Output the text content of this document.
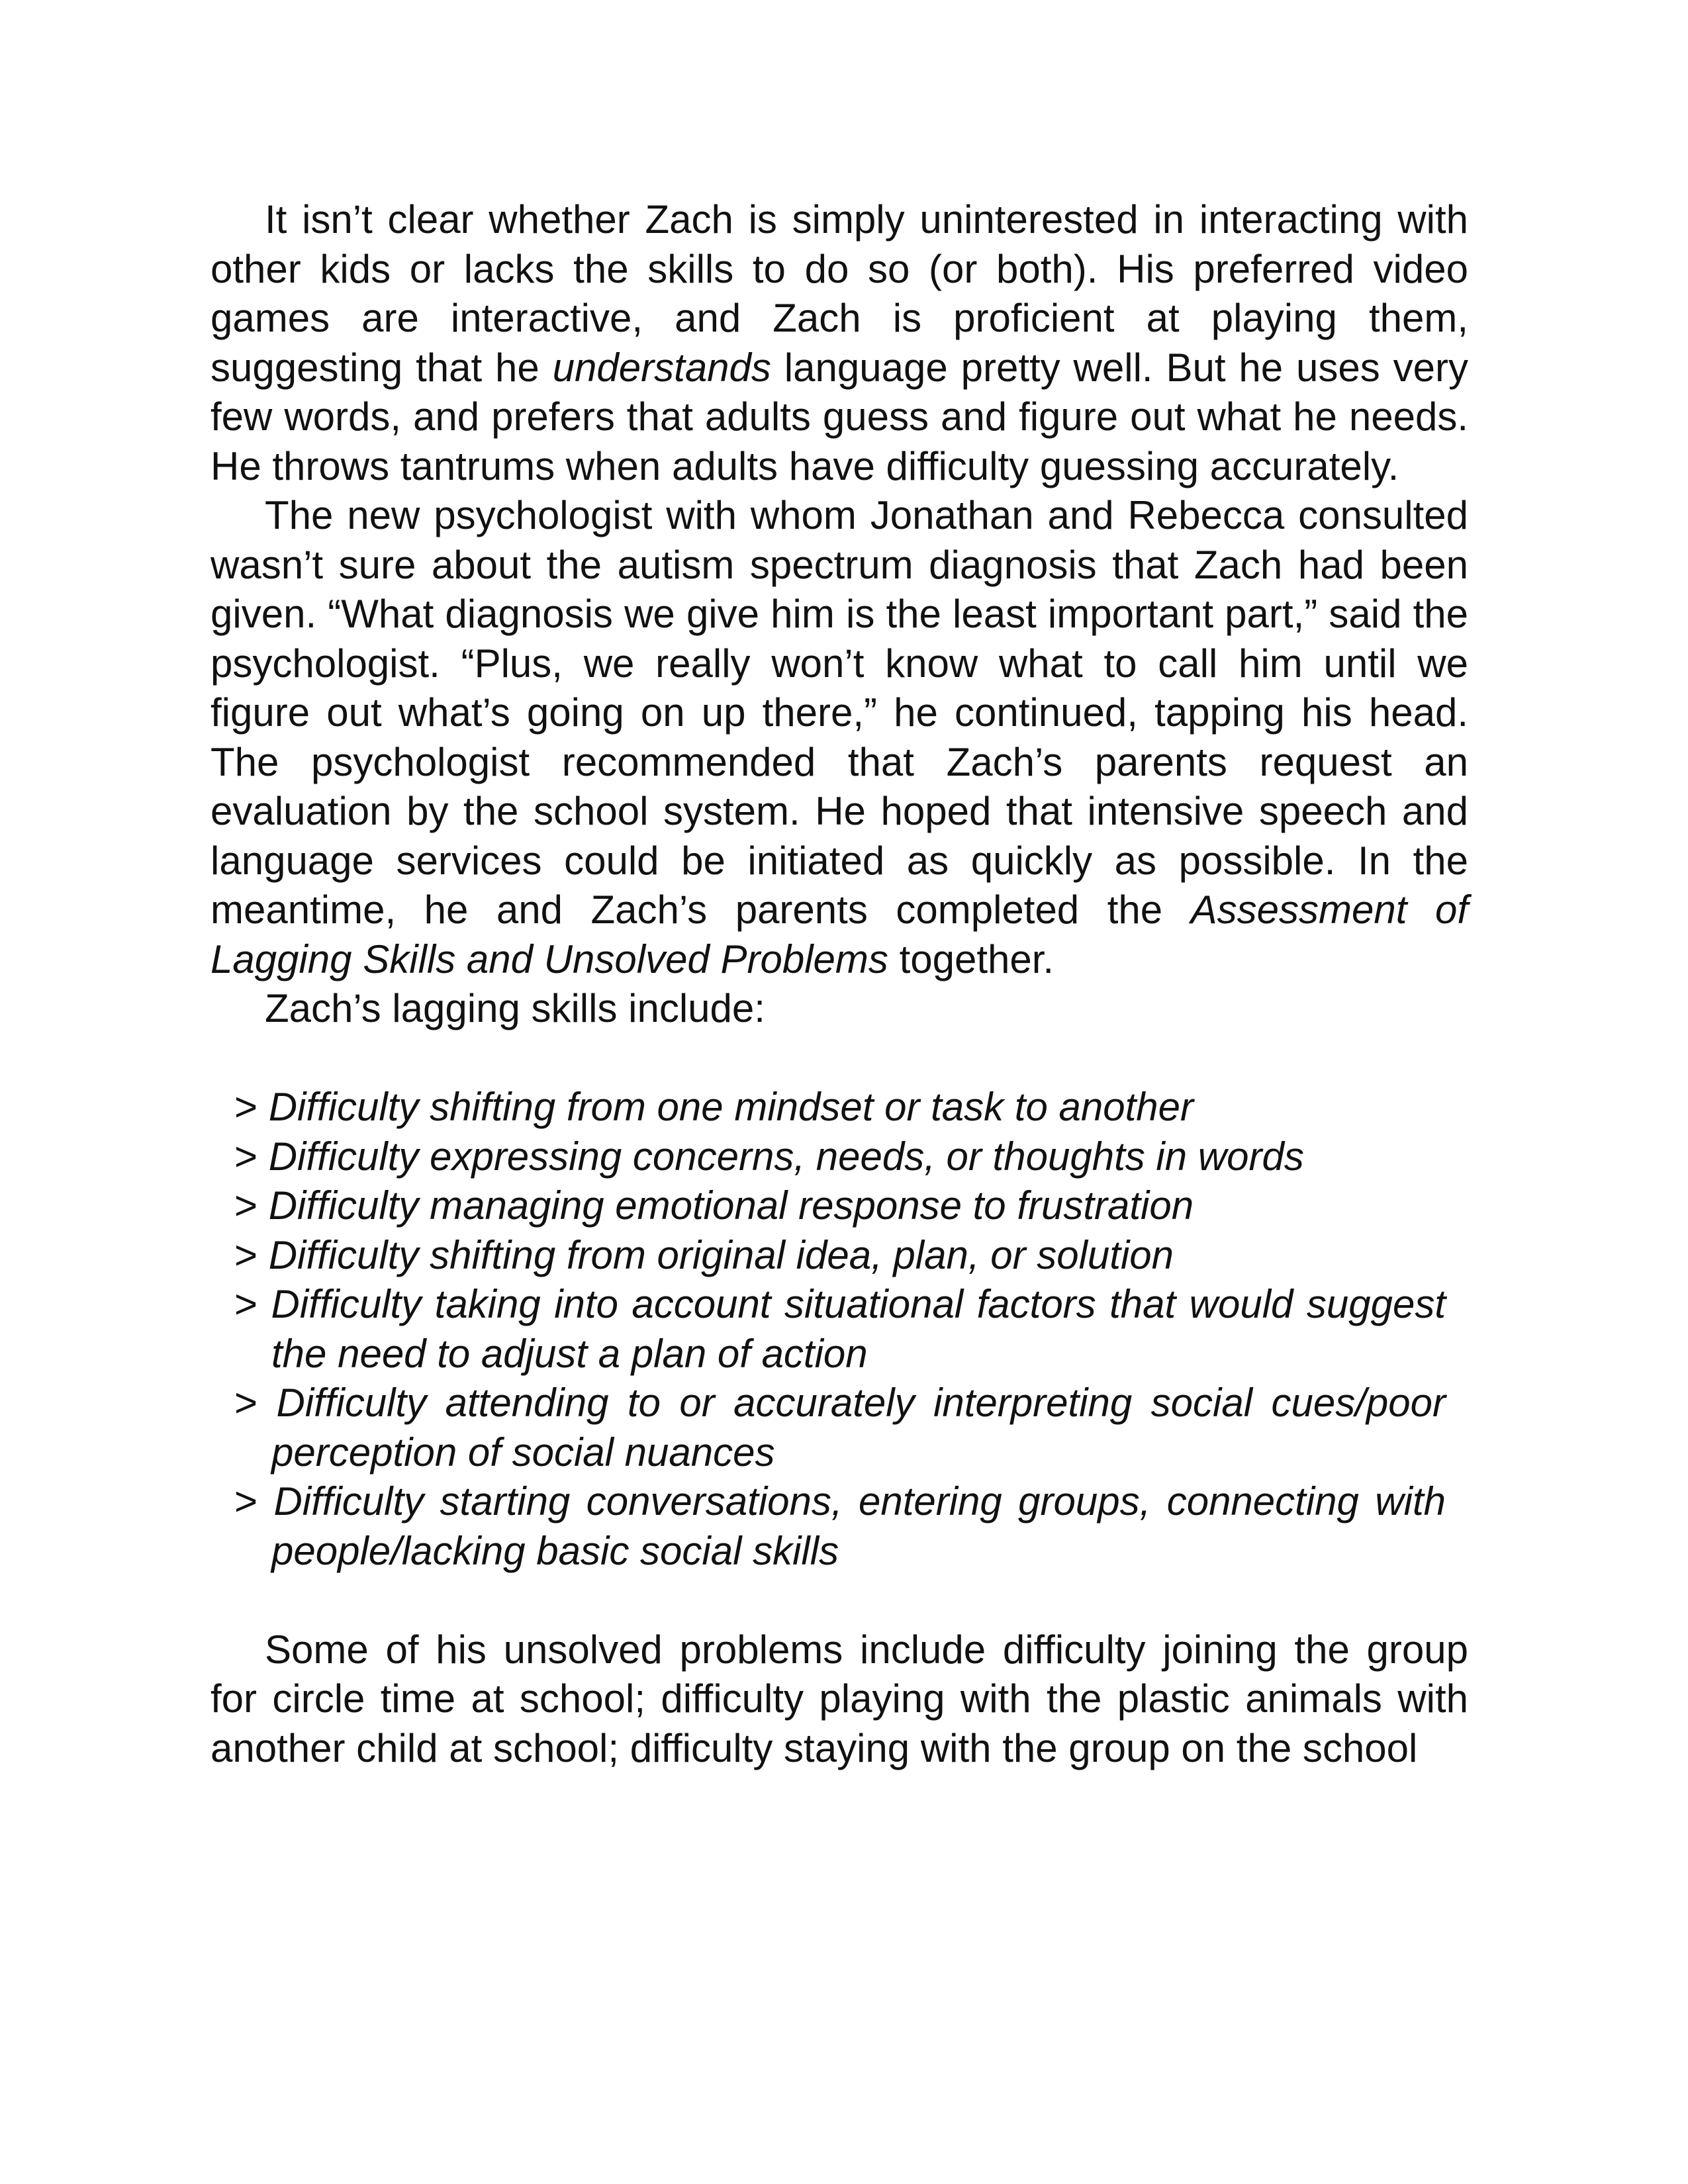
It isn’t clear whether Zach is simply uninterested in interacting with other kids or lacks the skills to do so (or both). His preferred video games are interactive, and Zach is proficient at playing them, suggesting that he understands language pretty well. But he uses very few words, and prefers that adults guess and figure out what he needs. He throws tantrums when adults have difficulty guessing accurately.

The new psychologist with whom Jonathan and Rebecca consulted wasn’t sure about the autism spectrum diagnosis that Zach had been given. “What diagnosis we give him is the least important part,” said the psychologist. “Plus, we really won’t know what to call him until we figure out what’s going on up there,” he continued, tapping his head. The psychologist recommended that Zach’s parents request an evaluation by the school system. He hoped that intensive speech and language services could be initiated as quickly as possible. In the meantime, he and Zach’s parents completed the Assessment of Lagging Skills and Unsolved Problems together.

Zach’s lagging skills include:

> Difficulty shifting from one mindset or task to another
> Difficulty expressing concerns, needs, or thoughts in words
> Difficulty managing emotional response to frustration
> Difficulty shifting from original idea, plan, or solution
> Difficulty taking into account situational factors that would suggest the need to adjust a plan of action
> Difficulty attending to or accurately interpreting social cues/poor perception of social nuances
> Difficulty starting conversations, entering groups, connecting with people/lacking basic social skills

Some of his unsolved problems include difficulty joining the group for circle time at school; difficulty playing with the plastic animals with another child at school; difficulty staying with the group on the school
